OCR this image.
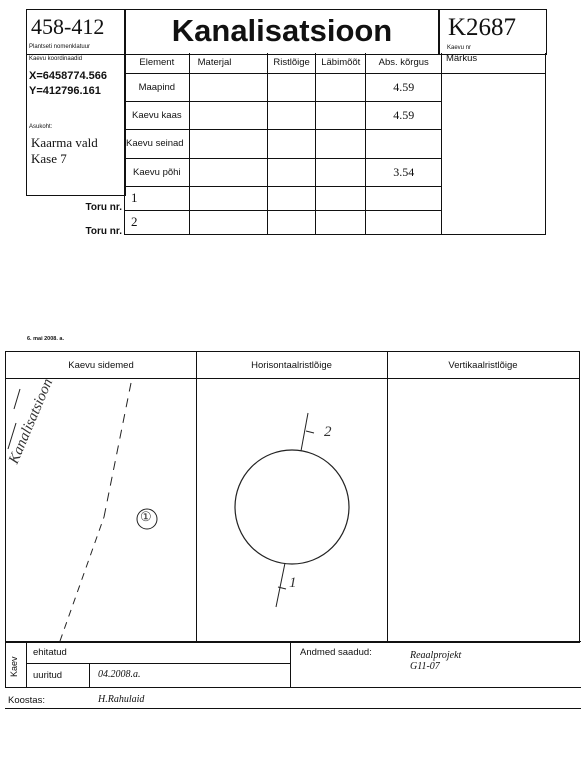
458-412
Plantseti nomenklatuur	Kanalisatsioon	K2687
Kaevu nr
Kaevu koordinaadid
X=6458774.566
Y=412796.161
Asukoht:
Kaarma vald
Kase 7
Element	Materjal	Ristlõige	Läbimõõt	Abs. kõrgus	Märkus
Maapind				4.59	
Kaevu kaas				4.59	
Kaevu seinad					
Kaevu põhi				3.54	
1					
2					
Toru nr.
Toru nr.
6. mai 2008. a.
Kaevu sidemed	Horisontaalristlõige	Vertikaalristlõige
Kanalisatsioon
①
2
1
Kaev
ehitatud
uuritud	04.2008.a.
Andmed saadud:	Reaalprojekt
G11-07
Koostas:	H.Rahulaid
